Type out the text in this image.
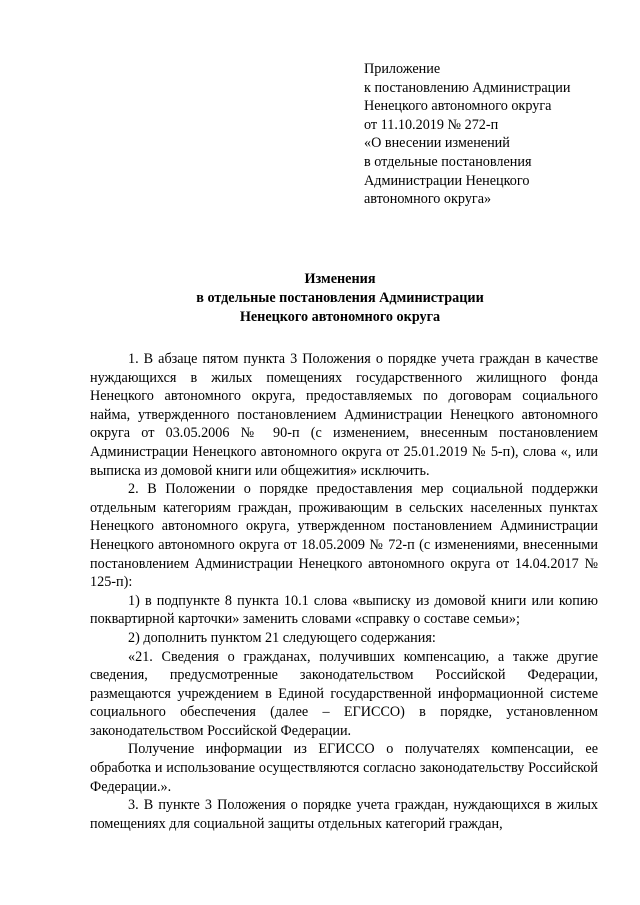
Приложение
к постановлению Администрации
Ненецкого автономного округа
от 11.10.2019 № 272-п
«О внесении изменений
в отдельные постановления
Администрации Ненецкого
автономного округа»
Изменения
в отдельные постановления Администрации
Ненецкого автономного округа

1. В абзаце пятом пункта 3 Положения о порядке учета граждан в качестве нуждающихся в жилых помещениях государственного жилищного фонда Ненецкого автономного округа, предоставляемых по договорам социального найма, утвержденного постановлением Администрации Ненецкого автономного округа от 03.05.2006 № 90-п (с изменением, внесенным постановлением Администрации Ненецкого автономного округа от 25.01.2019 № 5-п), слова «, или выписка из домовой книги или общежития» исключить.

2. В Положении о порядке предоставления мер социальной поддержки отдельным категориям граждан, проживающим в сельских населенных пунктах Ненецкого автономного округа, утвержденном постановлением Администрации Ненецкого автономного округа от 18.05.2009 № 72-п (с изменениями, внесенными постановлением Администрации Ненецкого автономного округа от 14.04.2017 № 125-п):

1) в подпункте 8 пункта 10.1 слова «выписку из домовой книги или копию поквартирной карточки» заменить словами «справку о составе семьи»;

2) дополнить пунктом 21 следующего содержания:

«21. Сведения о гражданах, получивших компенсацию, а также другие сведения, предусмотренные законодательством Российской Федерации, размещаются учреждением в Единой государственной информационной системе социального обеспечения (далее – ЕГИССО) в порядке, установленном законодательством Российской Федерации.

Получение информации из ЕГИССО о получателях компенсации, ее обработка и использование осуществляются согласно законодательству Российской Федерации.».

3. В пункте 3 Положения о порядке учета граждан, нуждающихся в жилых помещениях для социальной защиты отдельных категорий граждан,
